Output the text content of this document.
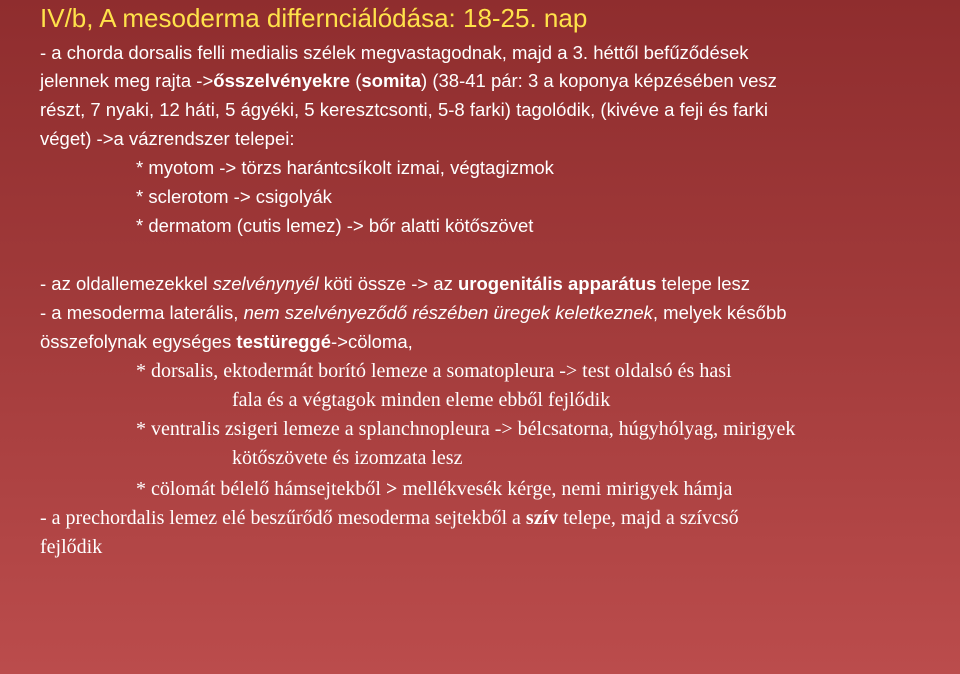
IV/b, A mesoderma differnciálódása: 18-25. nap
- a chorda dorsalis felli medialis szélek megvastagodnak, majd a 3. héttől befűződések
jelennek meg rajta ->ősszelvényekre (somita) (38-41 pár: 3 a koponya képzésében vesz
részt, 7 nyaki, 12 háti, 5 ágyéki, 5 keresztcsonti, 5-8 farki) tagolódik, (kivéve a feji és farki
véget) ->a vázrendszer telepei:
* myotom -> törzs harántcsíkolt izmai, végtagizmok
* sclerotom -> csigolyák
* dermatom (cutis lemez) -> bőr alatti kötőszövet
- az oldallemezekkel szelvénynyél köti össze -> az urogenitális apparátus telepe lesz
- a mesoderma laterális, nem szelvényeződő részében üregek keletkeznek, melyek később
összefolynak egységes testüreggé->cöloma,
* dorsalis, ektodermát borító lemeze a somatopleura -> test oldalsó és hasi
fala és a végtagok minden eleme ebből fejlődik
* ventralis zsigeri lemeze a splanchnopleura -> bélcsatorna, húgyhólyag, mirigyek
kötőszövete és izomzata lesz
* cölomát bélelő hámsejtekből > mellékvesék kérge, nemi mirigyek hámja
- a prechordalis lemez elé beszűrődő mesoderma sejtekből a szív telepe, majd a szívcső
fejlődik
